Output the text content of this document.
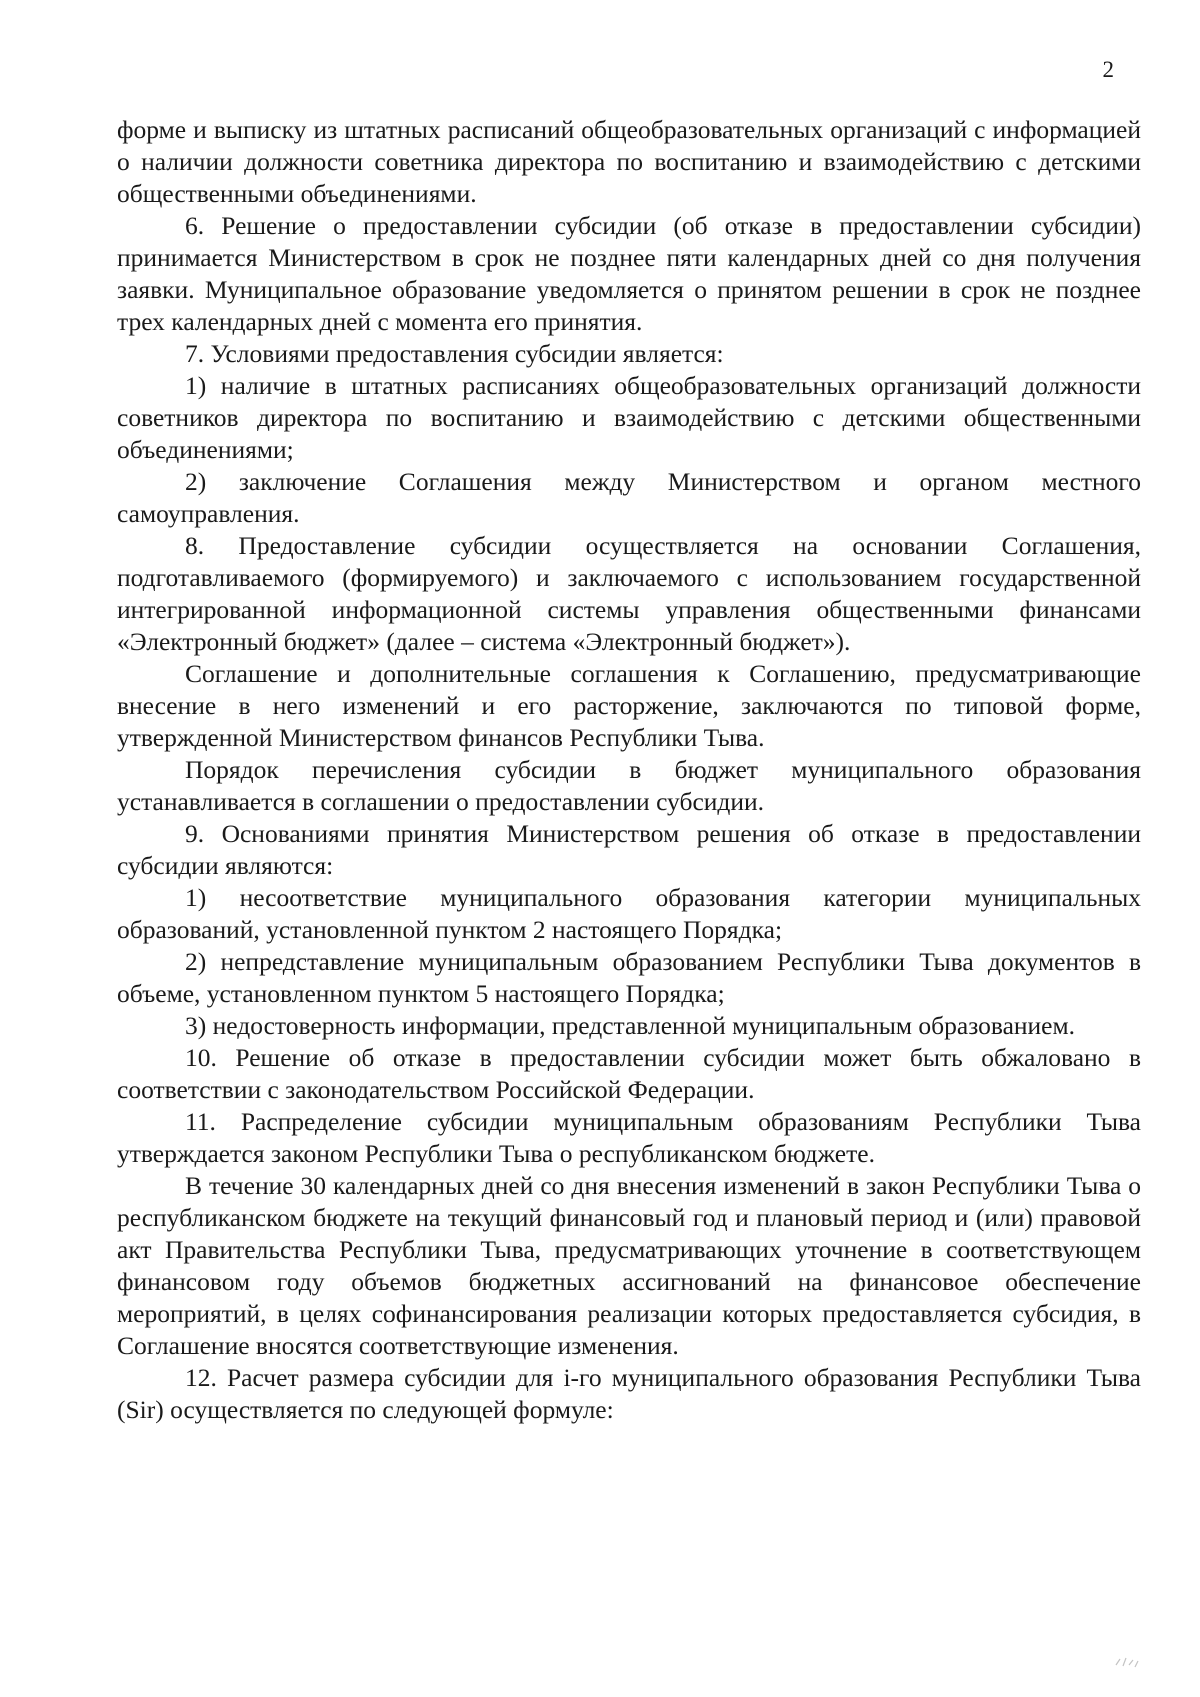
2

форме и выписку из штатных расписаний общеобразовательных организаций с информацией о наличии должности советника директора по воспитанию и взаимодействию с детскими общественными объединениями.

6. Решение о предоставлении субсидии (об отказе в предоставлении субсидии) принимается Министерством в срок не позднее пяти календарных дней со дня получения заявки. Муниципальное образование уведомляется о принятом решении в срок не позднее трех календарных дней с момента его принятия.

7. Условиями предоставления субсидии является:

1) наличие в штатных расписаниях общеобразовательных организаций должности советников директора по воспитанию и взаимодействию с детскими общественными объединениями;

2) заключение Соглашения между Министерством и органом местного самоуправления.

8. Предоставление субсидии осуществляется на основании Соглашения, подготавливаемого (формируемого) и заключаемого с использованием государственной интегрированной информационной системы управления общественными финансами «Электронный бюджет» (далее – система «Электронный бюджет»).

Соглашение и дополнительные соглашения к Соглашению, предусматривающие внесение в него изменений и его расторжение, заключаются по типовой форме, утвержденной Министерством финансов Республики Тыва.

Порядок перечисления субсидии в бюджет муниципального образования устанавливается в соглашении о предоставлении субсидии.

9. Основаниями принятия Министерством решения об отказе в предоставлении субсидии являются:

1) несоответствие муниципального образования категории муниципальных образований, установленной пунктом 2 настоящего Порядка;

2) непредставление муниципальным образованием Республики Тыва документов в объеме, установленном пунктом 5 настоящего Порядка;

3) недостоверность информации, представленной муниципальным образованием.

10. Решение об отказе в предоставлении субсидии может быть обжаловано в соответствии с законодательством Российской Федерации.

11. Распределение субсидии муниципальным образованиям Республики Тыва утверждается законом Республики Тыва о республиканском бюджете.

В течение 30 календарных дней со дня внесения изменений в закон Республики Тыва о республиканском бюджете на текущий финансовый год и плановый период и (или) правовой акт Правительства Республики Тыва, предусматривающих уточнение в соответствующем финансовом году объемов бюджетных ассигнований на финансовое обеспечение мероприятий, в целях софинансирования реализации которых предоставляется субсидия, в Соглашение вносятся соответствующие изменения.

12. Расчет размера субсидии для i-го муниципального образования Республики Тыва (Sir) осуществляется по следующей формуле:
